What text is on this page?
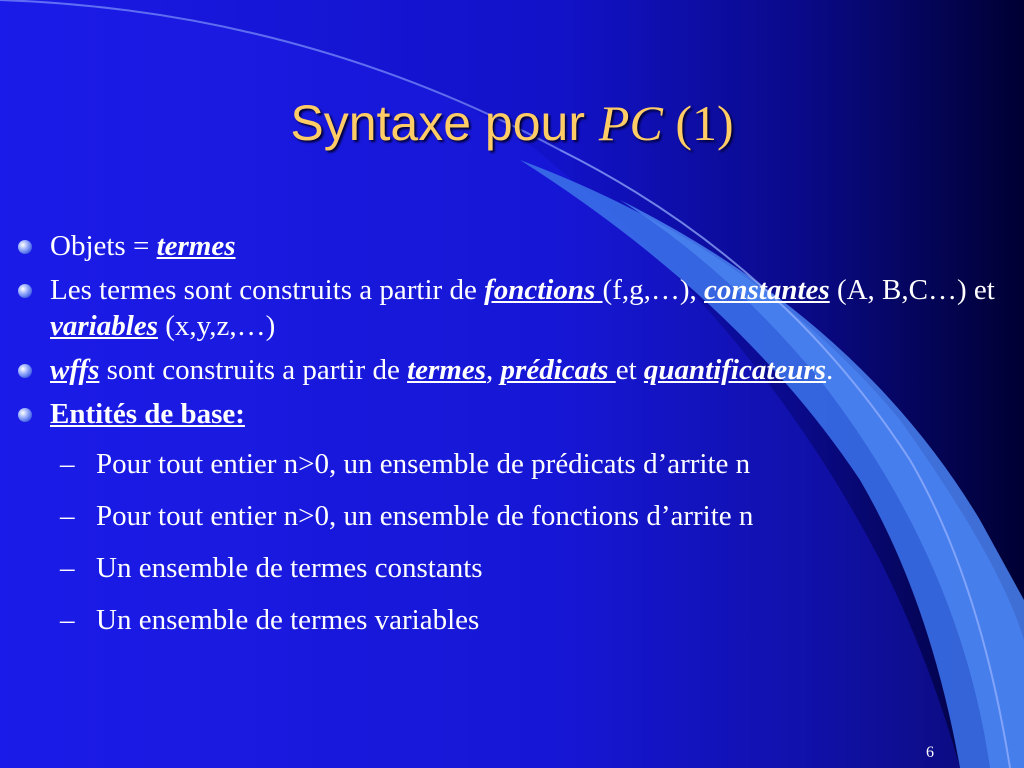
Syntaxe pour PC (1)
Objets = termes
Les termes sont construits a partir de fonctions (f,g,…), constantes (A, B,C…) et variables (x,y,z,…)
wffs sont construits a partir de termes, prédicats et quantificateurs.
Entités de base:
– Pour tout entier n>0, un ensemble de prédicats d’arrite n
– Pour tout entier n>0, un ensemble de fonctions d’arrite n
– Un ensemble de termes constants
– Un ensemble de termes variables
6
